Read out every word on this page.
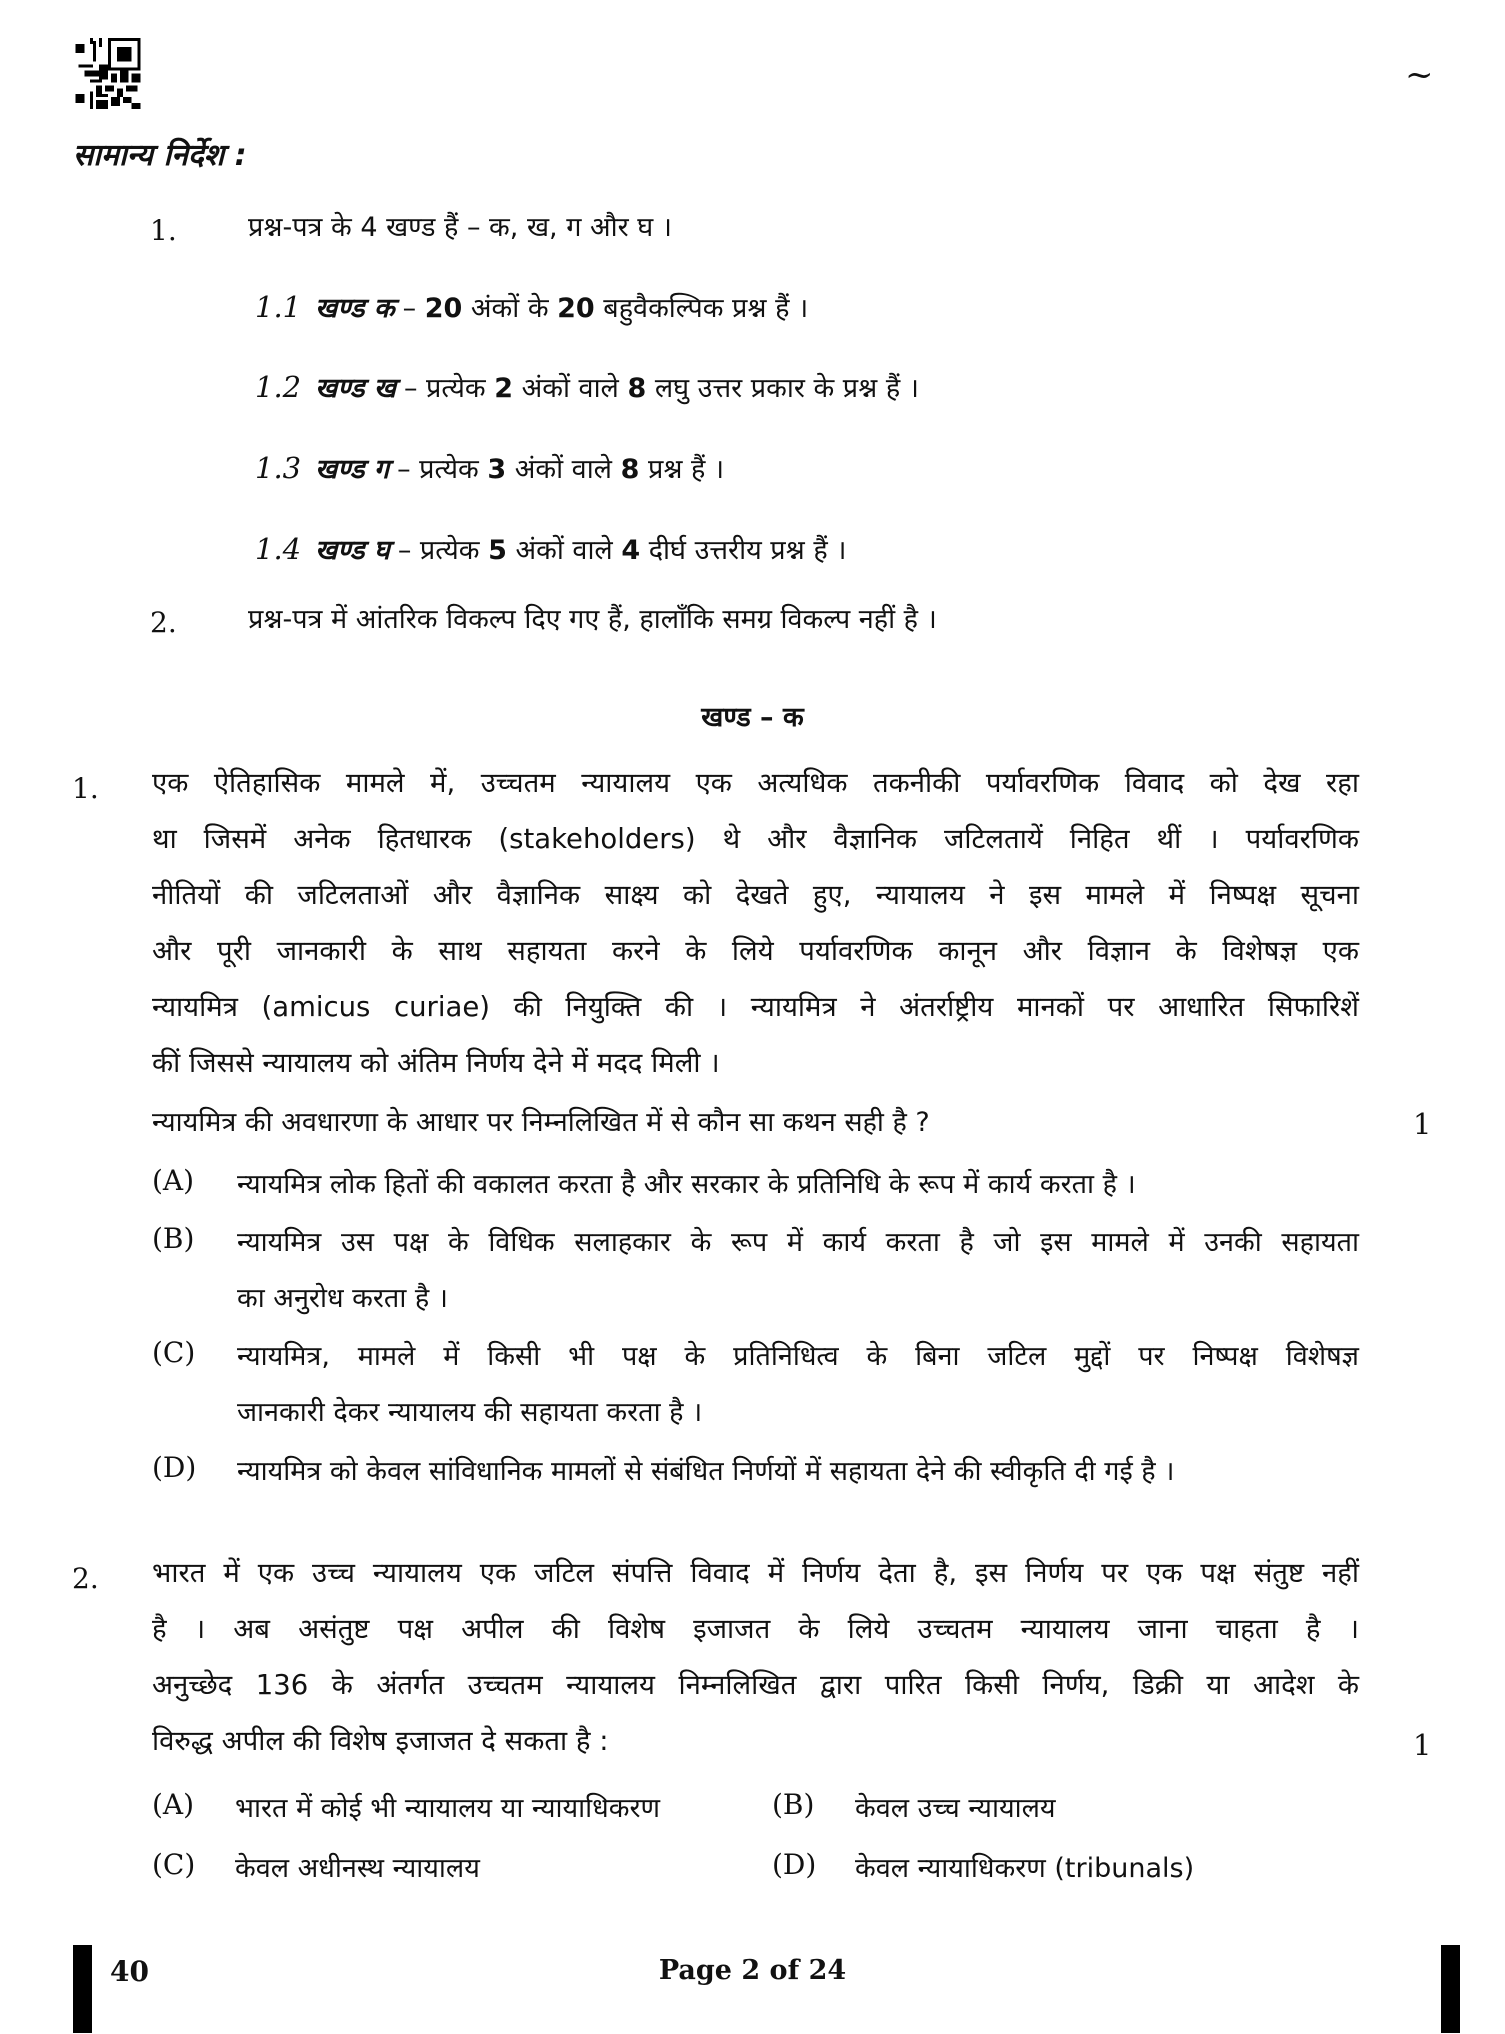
~
सामान्य निर्देश :
1.	प्रश्न-पत्र के 4 खण्ड हैं – क, ख, ग और घ ।
1.1 खण्ड क – 20 अंकों के 20 बहुवैकल्पिक प्रश्न हैं ।
1.2 खण्ड ख – प्रत्येक 2 अंकों वाले 8 लघु उत्तर प्रकार के प्रश्न हैं ।
1.3 खण्ड ग – प्रत्येक 3 अंकों वाले 8 प्रश्न हैं ।
1.4 खण्ड घ – प्रत्येक 5 अंकों वाले 4 दीर्घ उत्तरीय प्रश्न हैं ।
2.	प्रश्न-पत्र में आंतरिक विकल्प दिए गए हैं, हालाँकि समग्र विकल्प नहीं है ।
खण्ड – क
1. एक ऐतिहासिक मामले में, उच्चतम न्यायालय एक अत्यधिक तकनीकी पर्यावरणिक विवाद को देख रहा
था जिसमें अनेक हितधारक (stakeholders) थे और वैज्ञानिक जटिलतायें निहित थीं । पर्यावरणिक
नीतियों की जटिलताओं और वैज्ञानिक साक्ष्य को देखते हुए, न्यायालय ने इस मामले में निष्पक्ष सूचना
और पूरी जानकारी के साथ सहायता करने के लिये पर्यावरणिक कानून और विज्ञान के विशेषज्ञ एक
न्यायमित्र (amicus curiae) की नियुक्ति की । न्यायमित्र ने अंतर्राष्ट्रीय मानकों पर आधारित सिफारिशें
कीं जिससे न्यायालय को अंतिम निर्णय देने में मदद मिली ।
न्यायमित्र की अवधारणा के आधार पर निम्नलिखित में से कौन सा कथन सही है ?	1
(A) न्यायमित्र लोक हितों की वकालत करता है और सरकार के प्रतिनिधि के रूप में कार्य करता है ।
(B) न्यायमित्र उस पक्ष के विधिक सलाहकार के रूप में कार्य करता है जो इस मामले में उनकी सहायता
का अनुरोध करता है ।
(C) न्यायमित्र, मामले में किसी भी पक्ष के प्रतिनिधित्व के बिना जटिल मुद्दों पर निष्पक्ष विशेषज्ञ
जानकारी देकर न्यायालय की सहायता करता है ।
(D) न्यायमित्र को केवल सांविधानिक मामलों से संबंधित निर्णयों में सहायता देने की स्वीकृति दी गई है ।
2. भारत में एक उच्च न्यायालय एक जटिल संपत्ति विवाद में निर्णय देता है, इस निर्णय पर एक पक्ष संतुष्ट नहीं
है । अब असंतुष्ट पक्ष अपील की विशेष इजाजत के लिये उच्चतम न्यायालय जाना चाहता है ।
अनुच्छेद 136 के अंतर्गत उच्चतम न्यायालय निम्नलिखित द्वारा पारित किसी निर्णय, डिक्री या आदेश के
विरुद्ध अपील की विशेष इजाजत दे सकता है :	1
(A) भारत में कोई भी न्यायालय या न्यायाधिकरण	(B) केवल उच्च न्यायालय
(C) केवल अधीनस्थ न्यायालय	(D) केवल न्यायाधिकरण (tribunals)
40	Page 2 of 24
